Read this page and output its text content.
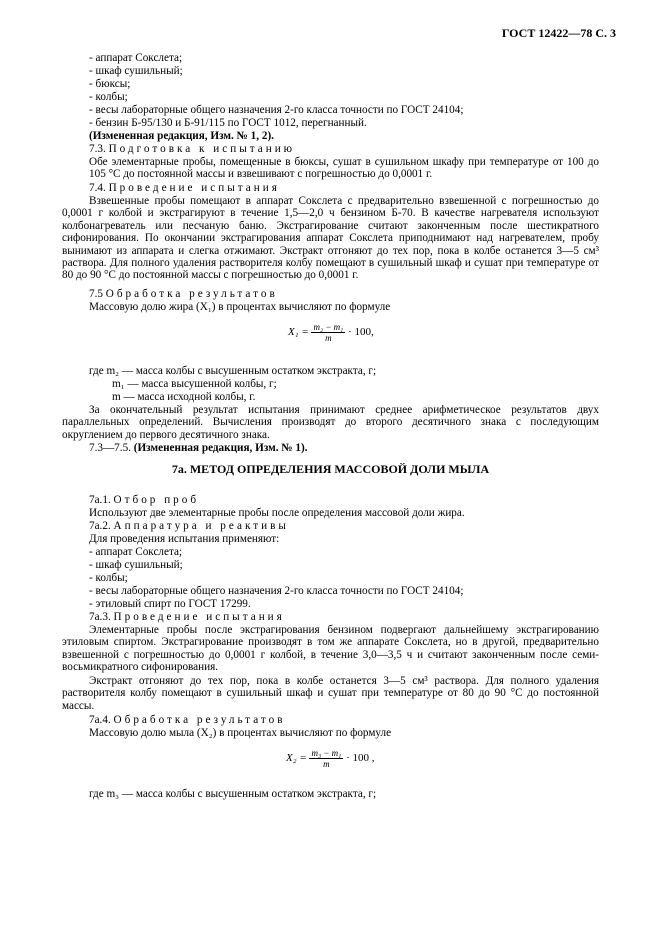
ГОСТ 12422—78 С. 3
- аппарат Сокслета;
- шкаф сушильный;
- бюксы;
- колбы;
- весы лабораторные общего назначения 2-го класса точности по ГОСТ 24104;
- бензин Б-95/130 и Б-91/115 по ГОСТ 1012, перегнанный.
(Измененная редакция, Изм. № 1, 2).
7.3. Подготовка к испытанию
Обе элементарные пробы, помещенные в бюксы, сушат в сушильном шкафу при температуре от 100 до 105 °С до постоянной массы и взвешивают с погрешностью до 0,0001 г.
7.4. Проведение испытания
Взвешенные пробы помещают в аппарат Сокслета с предварительно взвешенной с погрешностью до 0,0001 г колбой и экстрагируют в течение 1,5—2,0 ч бензином Б-70. В качестве нагревателя используют колбонагреватель или песчаную баню. Экстрагирование считают законченным после шестикратного сифонирования. По окончании экстрагирования аппарат Сокслета приподнимают над нагревателем, пробу вынимают из аппарата и слегка отжимают. Экстракт отгоняют до тех пор, пока в колбе останется 3—5 см³ раствора. Для полного удаления растворителя колбу помещают в сушильный шкаф и сушат при температуре от 80 до 90 °С до постоянной массы с погрешностью до 0,0001 г.
7.5 Обработка результатов
Массовую долю жира (X₁) в процентах вычисляют по формуле
$X_1 = \frac{\text{m₂ − m₁}}{m} \cdot 100$,
где m₂ — масса колбы с высушенным остатком экстракта, г;
m₁ — масса высушенной колбы, г;
m — масса исходной колбы, г.
За окончательный результат испытания принимают среднее арифметическое результатов двух параллельных определений. Вычисления производят до второго десятичного знака с последующим округлением до первого десятичного знака.
7.3—7.5. (Измененная редакция, Изм. № 1).
7а. МЕТОД ОПРЕДЕЛЕНИЯ МАССОВОЙ ДОЛИ МЫЛА
7а.1. Отбор проб
Используют две элементарные пробы после определения массовой доли жира.
7а.2. Аппаратура и реактивы
Для проведения испытания применяют:
- аппарат Сокслета;
- шкаф сушильный;
- колбы;
- весы лабораторные общего назначения 2-го класса точности по ГОСТ 24104;
- этиловый спирт по ГОСТ 17299.
7а.3. Проведение испытания
Элементарные пробы после экстрагирования бензином подвергают дальнейшему экстрагированию этиловым спиртом. Экстрагирование производят в том же аппарате Сокслета, но в другой, предварительно взвешенной с погрешностью до 0,0001 г колбой, в течение 3,0—3,5 ч и считают законченным после семи-восьмикратного сифонирования.
Экстракт отгоняют до тех пор, пока в колбе останется 3—5 см³ раствора. Для полного удаления растворителя колбу помещают в сушильный шкаф и сушат при температуре от 80 до 90 °С до постоянной массы.
7а.4. Обработка результатов
Массовую долю мыла (X₂) в процентах вычисляют по формуле
$X_2 = \frac{\text{m₃ − m₁}}{m} \cdot 100$ ,
где m₃ — масса колбы с высушенным остатком экстракта, г;
